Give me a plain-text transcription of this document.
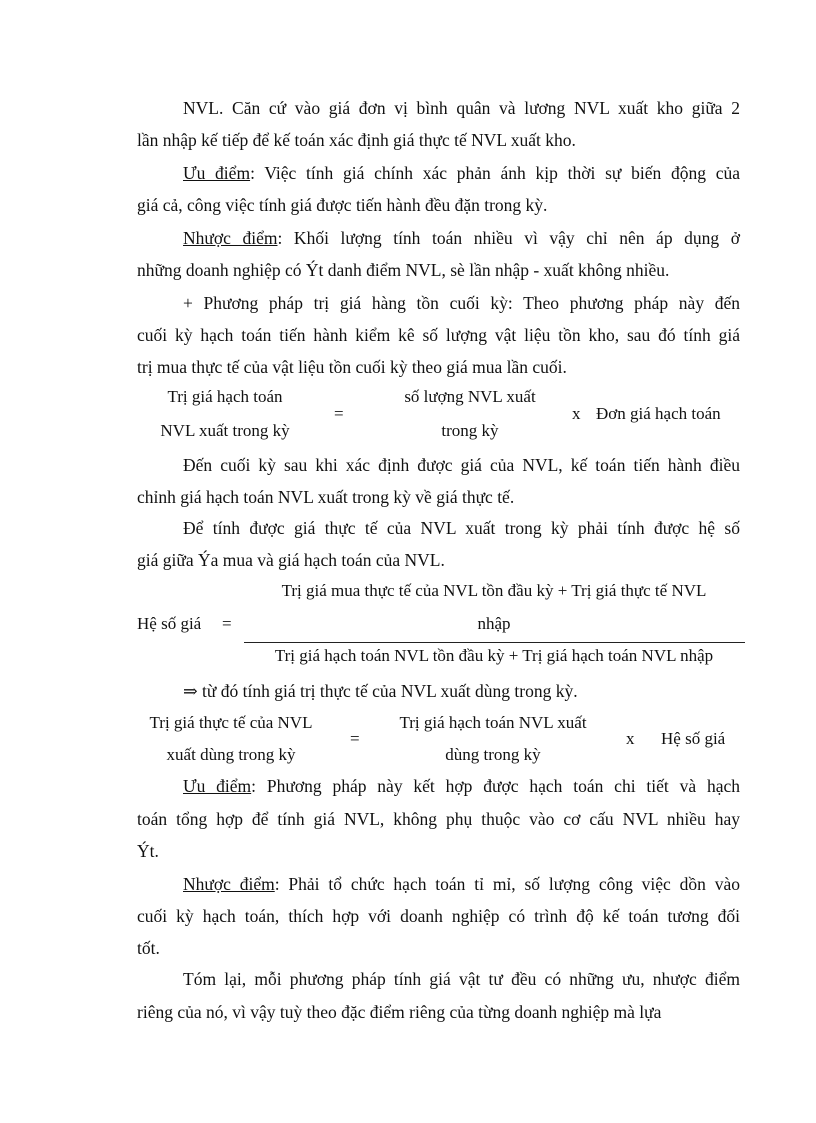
NVL. Căn cứ vào giá đơn vị bình quân và lương NVL xuất kho giữa 2
lần nhập kế tiếp để kế toán xác định giá thực tế NVL xuất kho.
Ưu điểm: Việc tính giá chính xác phản ánh kịp thời sự biến động của
giá cả, công việc tính giá được tiến hành đều đặn trong kỳ.
Nhược điểm: Khối lượng tính toán nhiều vì vậy chỉ nên áp dụng ở
những doanh nghiệp có Ýt danh điểm NVL, sè lần nhập - xuất không nhiều.
+ Phương pháp trị giá hàng tồn cuối kỳ: Theo phương pháp này đến
cuối kỳ hạch toán tiến hành kiểm kê số lượng vật liệu tồn kho, sau đó tính giá
trị mua thực tế của vật liệu tồn cuối kỳ theo giá mua lần cuối.
Trị giá hạch toán
NVL xuất trong kỳ
=
số lượng NVL xuất
trong kỳ
x Đơn giá hạch toán
Đến cuối kỳ sau khi xác định được giá của NVL, kế toán tiến hành điều
chỉnh giá hạch toán NVL xuất trong kỳ về giá thực tế.
Để tính được giá thực tế của NVL xuất trong kỳ phải tính được hệ số
giá giữa Ýa mua và giá hạch toán của NVL.
Hệ số giá =
Trị giá mua thực tế của NVL tồn đầu kỳ + Trị giá thực tế NVL
nhập
Trị giá hạch toán NVL tồn đầu kỳ + Trị giá hạch toán NVL nhập
⇒ từ đó tính giá trị thực tế của NVL xuất dùng trong kỳ.
Trị giá thực tế của NVL
xuất dùng trong kỳ
=
Trị giá hạch toán NVL xuất
dùng trong kỳ
x Hệ số giá
Ưu điểm: Phương pháp này kết hợp được hạch toán chi tiết và hạch
toán tổng hợp để tính giá NVL, không phụ thuộc vào cơ cấu NVL nhiều hay
Ýt.
Nhược điểm: Phải tổ chức hạch toán tỉ mỉ, số lượng công việc dồn vào
cuối kỳ hạch toán, thích hợp với doanh nghiệp có trình độ kế toán tương đối
tốt.
Tóm lại, mỗi phương pháp tính giá vật tư đều có những ưu, nhược điểm
riêng của nó, vì vậy tuỳ theo đặc điểm riêng của từng doanh nghiệp mà lựa
